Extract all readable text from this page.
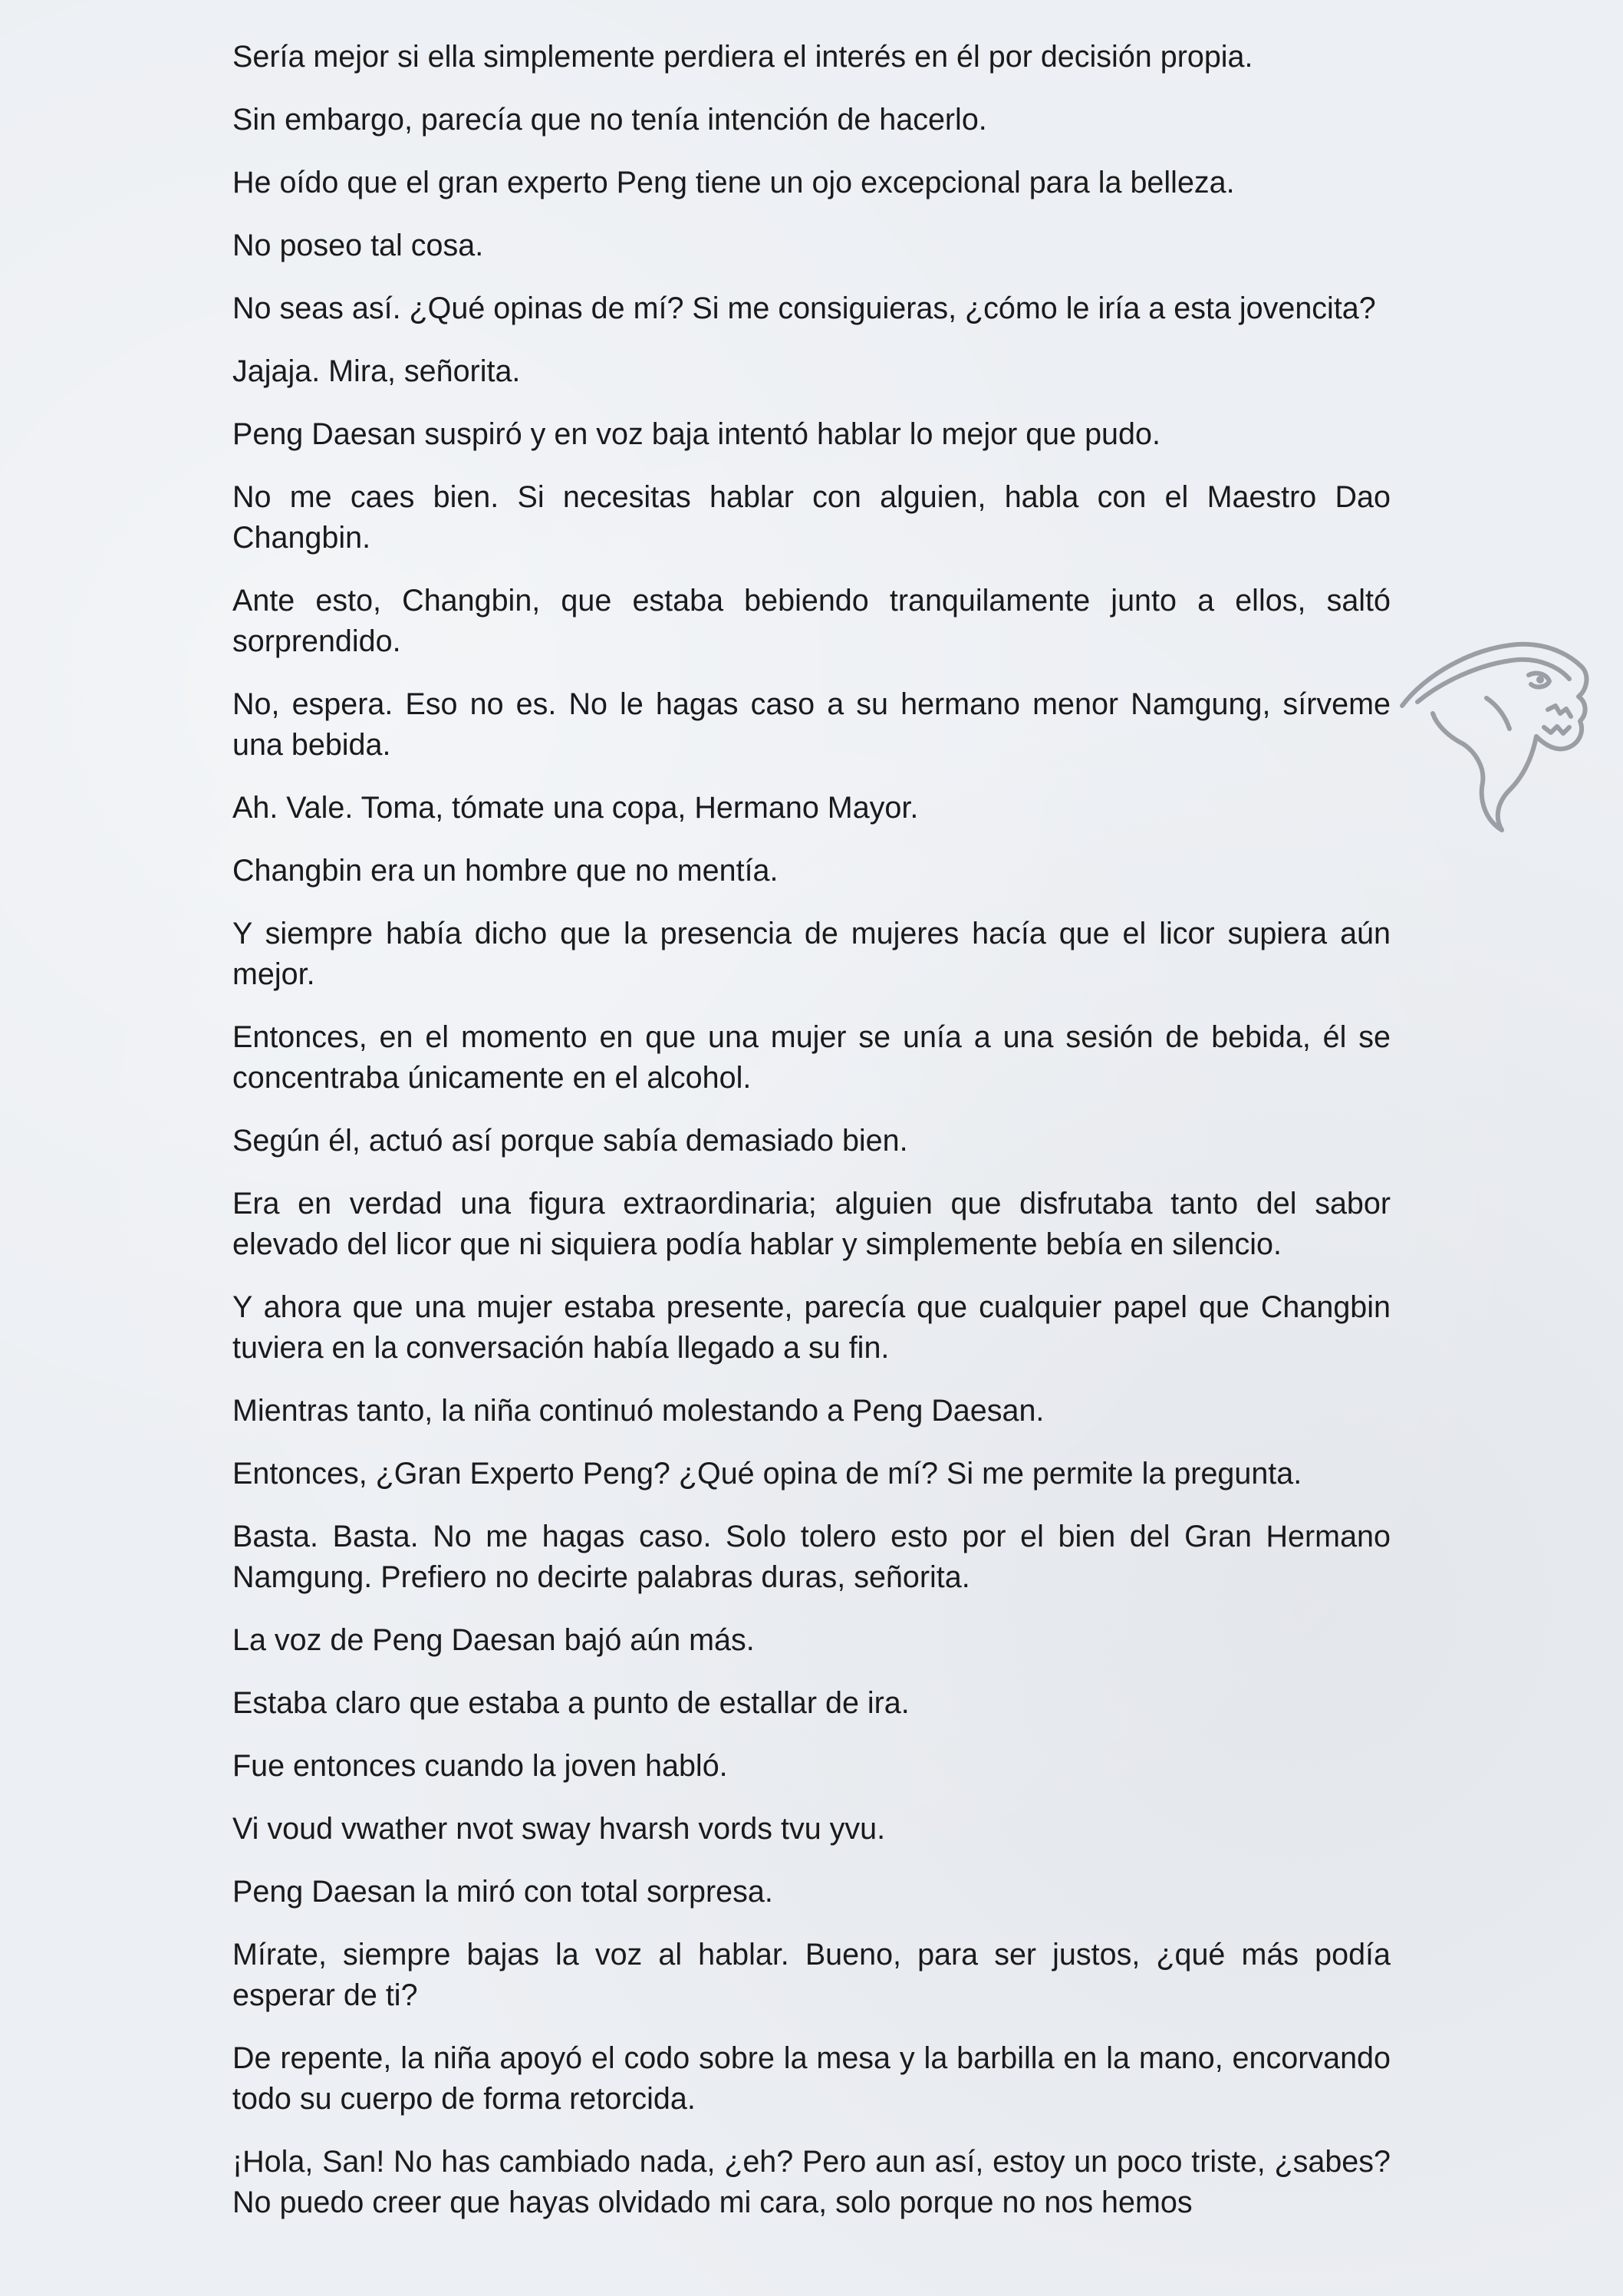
Sería mejor si ella simplemente perdiera el interés en él por decisión propia.

Sin embargo, parecía que no tenía intención de hacerlo.

He oído que el gran experto Peng tiene un ojo excepcional para la belleza.

No poseo tal cosa.

No seas así. ¿Qué opinas de mí? Si me consiguieras, ¿cómo le iría a esta jovencita?

Jajaja. Mira, señorita.

Peng Daesan suspiró y en voz baja intentó hablar lo mejor que pudo.

No me caes bien. Si necesitas hablar con alguien, habla con el Maestro Dao Changbin.

Ante esto, Changbin, que estaba bebiendo tranquilamente junto a ellos, saltó sorprendido.

No, espera. Eso no es. No le hagas caso a su hermano menor Namgung, sírveme una bebida.

Ah. Vale. Toma, tómate una copa, Hermano Mayor.

Changbin era un hombre que no mentía.

Y siempre había dicho que la presencia de mujeres hacía que el licor supiera aún mejor.

Entonces, en el momento en que una mujer se unía a una sesión de bebida, él se concentraba únicamente en el alcohol.

Según él, actuó así porque sabía demasiado bien.

Era en verdad una figura extraordinaria; alguien que disfrutaba tanto del sabor elevado del licor que ni siquiera podía hablar y simplemente bebía en silencio.

Y ahora que una mujer estaba presente, parecía que cualquier papel que Changbin tuviera en la conversación había llegado a su fin.

Mientras tanto, la niña continuó molestando a Peng Daesan.

Entonces, ¿Gran Experto Peng? ¿Qué opina de mí? Si me permite la pregunta.

Basta. Basta. No me hagas caso. Solo tolero esto por el bien del Gran Hermano Namgung. Prefiero no decirte palabras duras, señorita.

La voz de Peng Daesan bajó aún más.

Estaba claro que estaba a punto de estallar de ira.

Fue entonces cuando la joven habló.

Vi voud vwather nvot sway hvarsh vords tvu yvu.

Peng Daesan la miró con total sorpresa.

Mírate, siempre bajas la voz al hablar. Bueno, para ser justos, ¿qué más podía esperar de ti?

De repente, la niña apoyó el codo sobre la mesa y la barbilla en la mano, encorvando todo su cuerpo de forma retorcida.

¡Hola, San! No has cambiado nada, ¿eh? Pero aun así, estoy un poco triste, ¿sabes? No puedo creer que hayas olvidado mi cara, solo porque no nos hemos
